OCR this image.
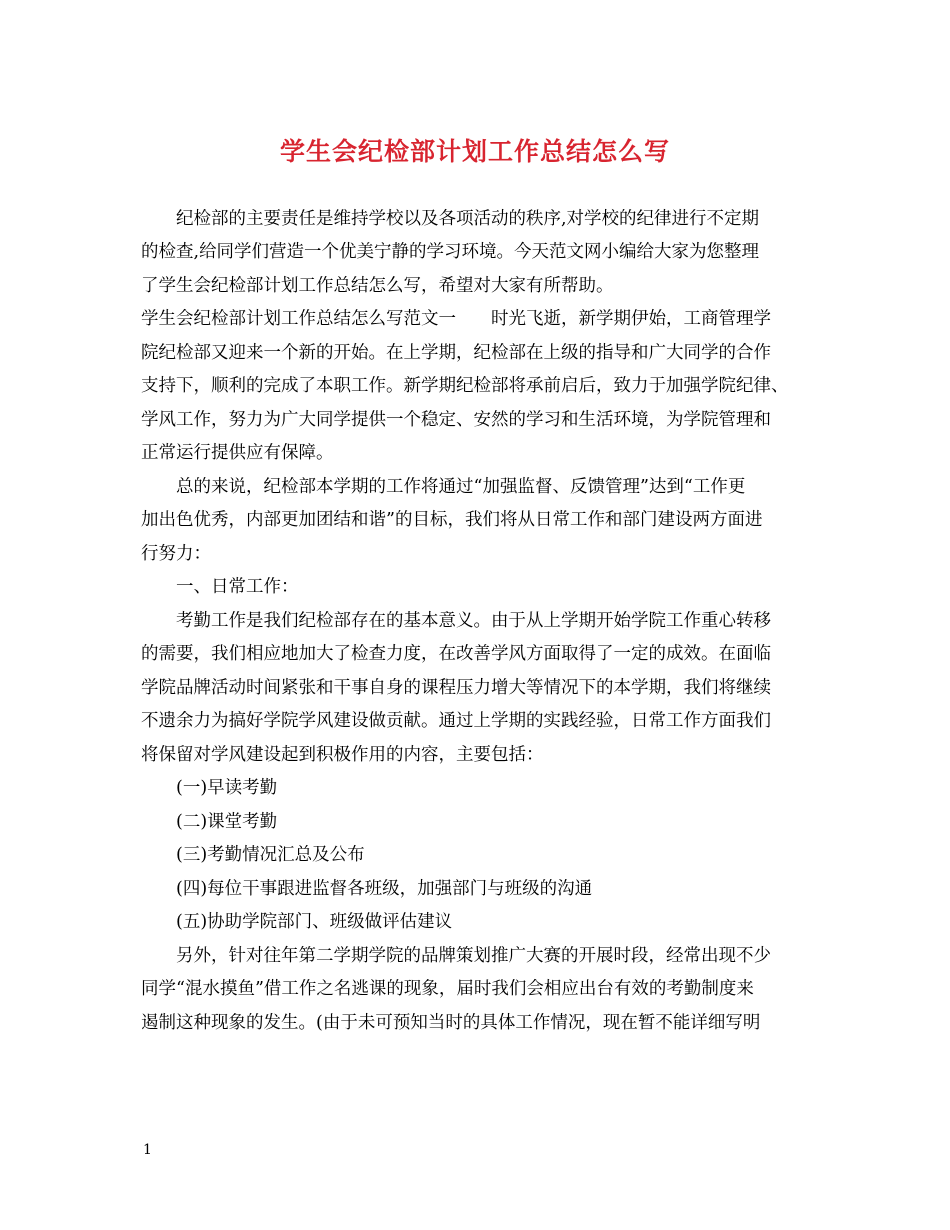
学生会纪检部计划工作总结怎么写
纪检部的主要责任是维持学校以及各项活动的秩序,对学校的纪律进行不定期
的检查,给同学们营造一个优美宁静的学习环境。今天范文网小编给大家为您整理
了学生会纪检部计划工作总结怎么写，希望对大家有所帮助。
学生会纪检部计划工作总结怎么写范文一　　时光飞逝，新学期伊始，工商管理学
院纪检部又迎来一个新的开始。在上学期，纪检部在上级的指导和广大同学的合作
支持下，顺利的完成了本职工作。新学期纪检部将承前启后，致力于加强学院纪律、
学风工作，努力为广大同学提供一个稳定、安然的学习和生活环境，为学院管理和
正常运行提供应有保障。
总的来说，纪检部本学期的工作将通过“加强监督、反馈管理”达到“工作更
加出色优秀，内部更加团结和谐”的目标，我们将从日常工作和部门建设两方面进
行努力：
一、日常工作：
考勤工作是我们纪检部存在的基本意义。由于从上学期开始学院工作重心转移
的需要，我们相应地加大了检查力度，在改善学风方面取得了一定的成效。在面临
学院品牌活动时间紧张和干事自身的课程压力增大等情况下的本学期，我们将继续
不遗余力为搞好学院学风建设做贡献。通过上学期的实践经验，日常工作方面我们
将保留对学风建设起到积极作用的内容，主要包括：
(一)早读考勤
(二)课堂考勤
(三)考勤情况汇总及公布
(四)每位干事跟进监督各班级，加强部门与班级的沟通
(五)协助学院部门、班级做评估建议
另外，针对往年第二学期学院的品牌策划推广大赛的开展时段，经常出现不少
同学“混水摸鱼”借工作之名逃课的现象，届时我们会相应出台有效的考勤制度来
遏制这种现象的发生。(由于未可预知当时的具体工作情况，现在暂不能详细写明
1
